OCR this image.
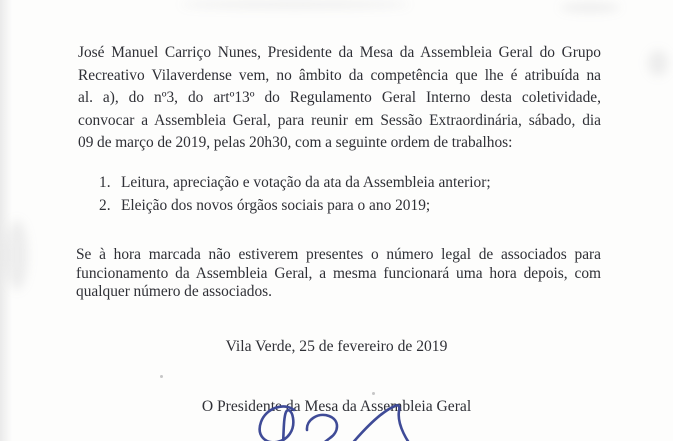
José Manuel Carriço Nunes, Presidente da Mesa da Assembleia Geral do Grupo
Recreativo Vilaverdense vem, no âmbito da competência que lhe é atribuída na
al. a), do nº3, do artº13º do Regulamento Geral Interno desta coletividade,
convocar a Assembleia Geral, para reunir em Sessão Extraordinária, sábado, dia
09 de março de 2019, pelas 20h30, com a seguinte ordem de trabalhos:
1. Leitura, apreciação e votação da ata da Assembleia anterior;
2. Eleição dos novos órgãos sociais para o ano 2019;
Se à hora marcada não estiverem presentes o número legal de associados para
funcionamento da Assembleia Geral, a mesma funcionará uma hora depois, com
qualquer número de associados.
Vila Verde, 25 de fevereiro de 2019
O Presidente da Mesa da Assembleia Geral
